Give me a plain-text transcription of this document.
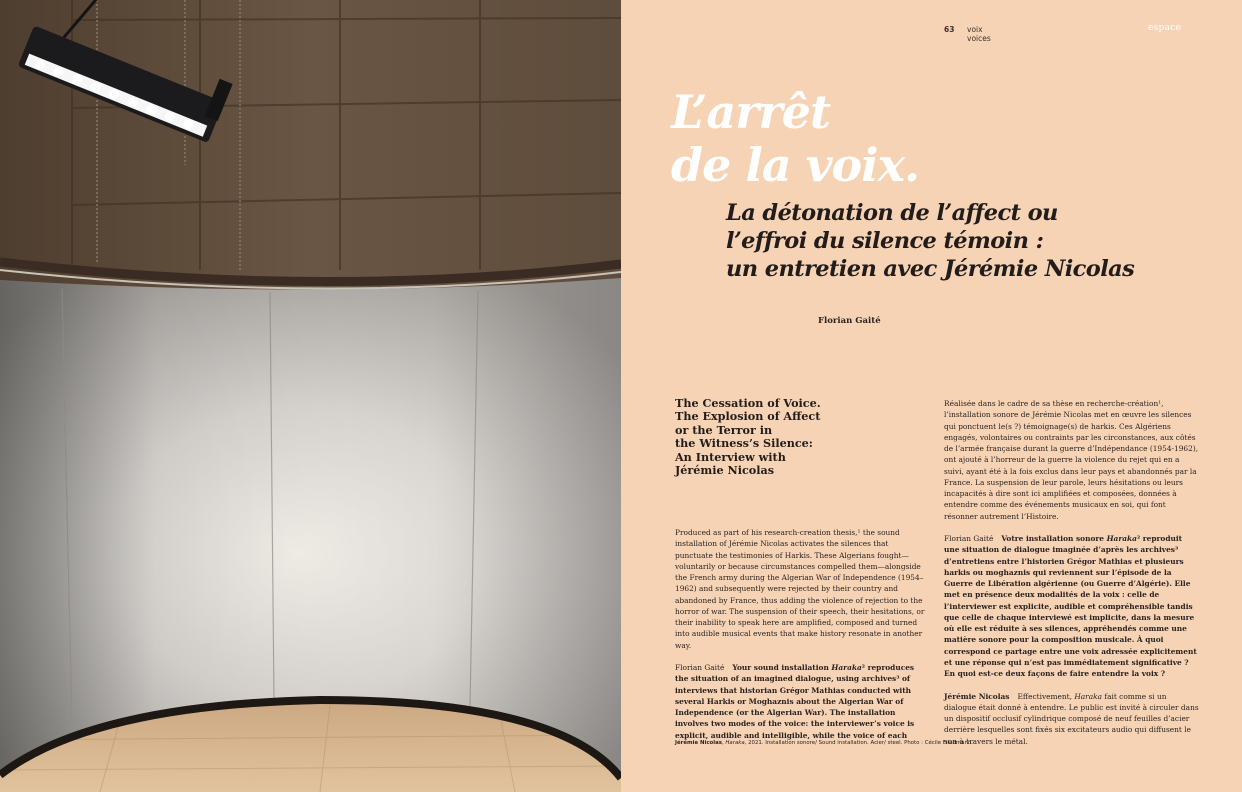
63 voix
voices
espace
L’arrêt
de la voix.
La détonation de l’affect ou
l’effroi du silence témoin :
un entretien avec Jérémie Nicolas
Florian Gaité
The Cessation of Voice.
The Explosion of Affect
or the Terror in
the Witness’s Silence:
An Interview with
Jérémie Nicolas

Produced as part of his research-creation thesis,¹ the sound installation of Jérémie Nicolas activates the silences that punctuate the testimonies of Harkis. These Algerians fought—voluntarily or because circumstances compelled them—alongside the French army during the Algerian War of Independence (1954–1962) and subsequently were rejected by their country and abandoned by France, thus adding the violence of rejection to the horror of war. The suspension of their speech, their hesitations, or their inability to speak here are amplified, composed and turned into audible musical events that make history resonate in another way.

Florian Gaité Your sound installation Haraka² reproduces the situation of an imagined dialogue, using archives³ of interviews that historian Grégor Mathias conducted with several Harkis or Moghaznis about the Algerian War of Independence (or the Algerian War). The installation involves two modes of the voice: the interviewer’s voice is explicit, audible and intelligible, while the voice of each

Réalisée dans le cadre de sa thèse en recherche-création¹, l’installation sonore de Jérémie Nicolas met en œuvre les silences qui ponctuent le(s ?) témoignage(s) de harkis. Ces Algériens engagés, volontaires ou contraints par les circonstances, aux côtés de l’armée française durant la guerre d’Indépendance (1954-1962), ont ajouté à l’horreur de la guerre la violence du rejet qui en a suivi, ayant été à la fois exclus dans leur pays et abandonnés par la France. La suspension de leur parole, leurs hésitations ou leurs incapacités à dire sont ici amplifiées et composées, données à entendre comme des événements musicaux en soi, qui font résonner autrement l’Histoire.

Florian Gaité Votre installation sonore Haraka² reproduit une situation de dialogue imaginée d’après les archives³ d’entretiens entre l’historien Grégor Mathias et plusieurs harkis ou moghaznis qui reviennent sur l’épisode de la Guerre de Libération algérienne (ou Guerre d’Algérie). Elle met en présence deux modalités de la voix : celle de l’interviewer est explicite, audible et compréhensible tandis que celle de chaque interviewé est implicite, dans la mesure où elle est réduite à ses silences, appréhendés comme une matière sonore pour la composition musicale. À quoi correspond ce partage entre une voix adressée explicitement et une réponse qui n’est pas immédiatement significative ? En quoi est-ce deux façons de faire entendre la voix ?

Jérémie Nicolas Effectivement, Haraka fait comme si un dialogue était donné à entendre. Le public est invité à circuler dans un dispositif occlusif cylindrique composé de neuf feuilles d’acier derrière lesquelles sont fixés six excitateurs audio qui diffusent le son à travers le métal.

Jérémie Nicolas, Haraka, 2021. Installation sonore/ Sound installation. Acier/ steel. Photo : Cécile Friedmann.
